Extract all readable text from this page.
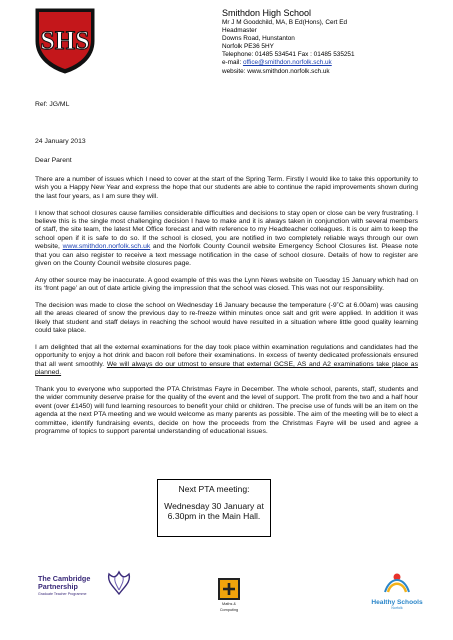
SHS
Smithdon High School
Mr J M Goodchild, MA, B Ed(Hons), Cert Ed
Headmaster
Downs Road, Hunstanton
Norfolk PE36 5HY
Telephone: 01485 534541 Fax : 01485 535251
e-mail: office@smithdon.norfolk.sch.uk
website: www.smithdon.norfolk.sch.uk
Ref: JG/ML
24 January 2013
Dear Parent

There are a number of issues which I need to cover at the start of the Spring Term. Firstly I would like to take this opportunity to wish you a Happy New Year and express the hope that our students are able to continue the rapid improvements shown during the last four years, as I am sure they will.

I know that school closures cause families considerable difficulties and decisions to stay open or close can be very frustrating. I believe this is the single most challenging decision I have to make and it is always taken in conjunction with several members of staff, the site team, the latest Met Office forecast and with reference to my Headteacher colleagues. It is our aim to keep the school open if it is safe to do so. If the school is closed, you are notified in two completely reliable ways through our own website, www.smithdon.norfolk.sch.uk and the Norfolk County Council website Emergency School Closures list. Please note that you can also register to receive a text message notification in the case of school closure. Details of how to register are given on the County Council website closures page.

Any other source may be inaccurate. A good example of this was the Lynn News website on Tuesday 15 January which had on its ‘front page’ an out of date article giving the impression that the school was closed. This was not our responsibility.

The decision was made to close the school on Wednesday 16 January because the temperature (-9˚C at 6.00am) was causing all the areas cleared of snow the previous day to re-freeze within minutes once salt and grit were applied. In addition it was likely that student and staff delays in reaching the school would have resulted in a situation where little good quality learning could take place.

I am delighted that all the external examinations for the day took place within examination regulations and candidates had the opportunity to enjoy a hot drink and bacon roll before their examinations. In excess of twenty dedicated professionals ensured that all went smoothly. We will always do our utmost to ensure that external GCSE, AS and A2 examinations take place as planned.

Thank you to everyone who supported the PTA Christmas Fayre in December. The whole school, parents, staff, students and the wider community deserve praise for the quality of the event and the level of support. The profit from the two and a half hour event (over £1450) will fund learning resources to benefit your child or children. The precise use of funds will be an item on the agenda at the next PTA meeting and we would welcome as many parents as possible. The aim of the meeting will be to elect a committee, identify fundraising events, decide on how the proceeds from the Christmas Fayre will be used and agree a programme of topics to support parental understanding of educational issues.

Next PTA meeting:
Wednesday 30 January at
6.30pm in the Main Hall.
The Cambridge
Partnership
Graduate Teacher Programme
Maths &
Computing
Healthy Schools
Norfolk
